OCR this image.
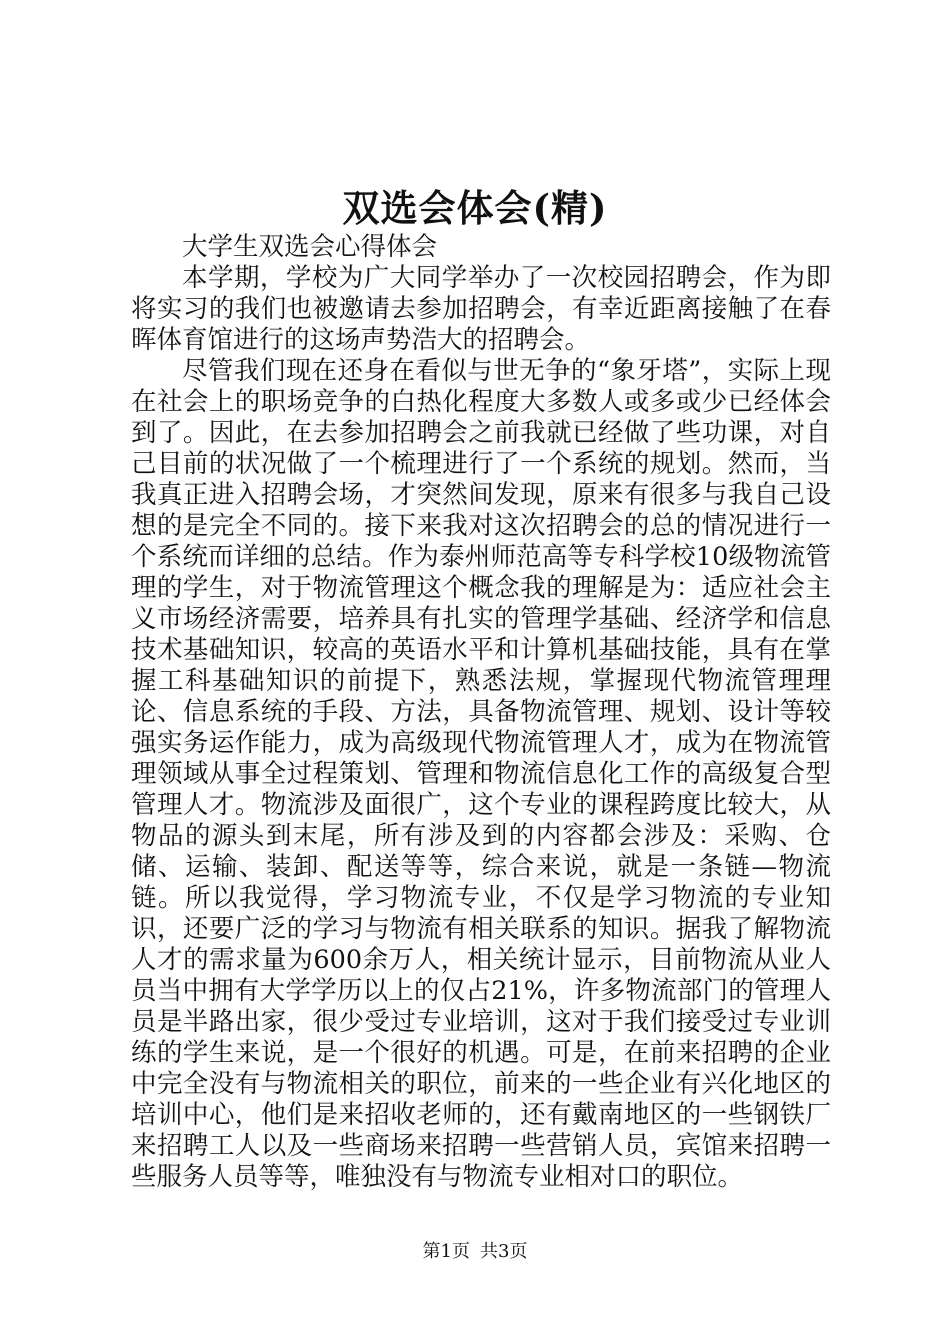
双选会体会(精)

大学生双选会心得体会

本学期，学校为广大同学举办了一次校园招聘会，作为即将实习的我们也被邀请去参加招聘会，有幸近距离接触了在春晖体育馆进行的这场声势浩大的招聘会。

尽管我们现在还身在看似与世无争的“象牙塔”，实际上现在社会上的职场竞争的白热化程度大多数人或多或少已经体会到了。因此，在去参加招聘会之前我就已经做了些功课，对自己目前的状况做了一个梳理进行了一个系统的规划。然而，当我真正进入招聘会场，才突然间发现，原来有很多与我自己设想的是完全不同的。接下来我对这次招聘会的总的情况进行一个系统而详细的总结。作为泰州师范高等专科学校10级物流管理的学生，对于物流管理这个概念我的理解是为：适应社会主义市场经济需要，培养具有扎实的管理学基础、经济学和信息技术基础知识，较高的英语水平和计算机基础技能，具有在掌握工科基础知识的前提下，熟悉法规，掌握现代物流管理理论、信息系统的手段、方法，具备物流管理、规划、设计等较强实务运作能力，成为高级现代物流管理人才，成为在物流管理领域从事全过程策划、管理和物流信息化工作的高级复合型管理人才。物流涉及面很广，这个专业的课程跨度比较大，从物品的源头到末尾，所有涉及到的内容都会涉及：采购、仓储、运输、装卸、配送等等，综合来说，就是一条链—物流链。所以我觉得，学习物流专业，不仅是学习物流的专业知识，还要广泛的学习与物流有相关联系的知识。据我了解物流人才的需求量为600余万人，相关统计显示，目前物流从业人员当中拥有大学学历以上的仅占21%，许多物流部门的管理人员是半路出家，很少受过专业培训，这对于我们接受过专业训练的学生来说，是一个很好的机遇。可是，在前来招聘的企业中完全没有与物流相关的职位，前来的一些企业有兴化地区的培训中心，他们是来招收老师的，还有戴南地区的一些钢铁厂来招聘工人以及一些商场来招聘一些营销人员，宾馆来招聘一些服务人员等等，唯独没有与物流专业相对口的职位。

第1页 共3页
